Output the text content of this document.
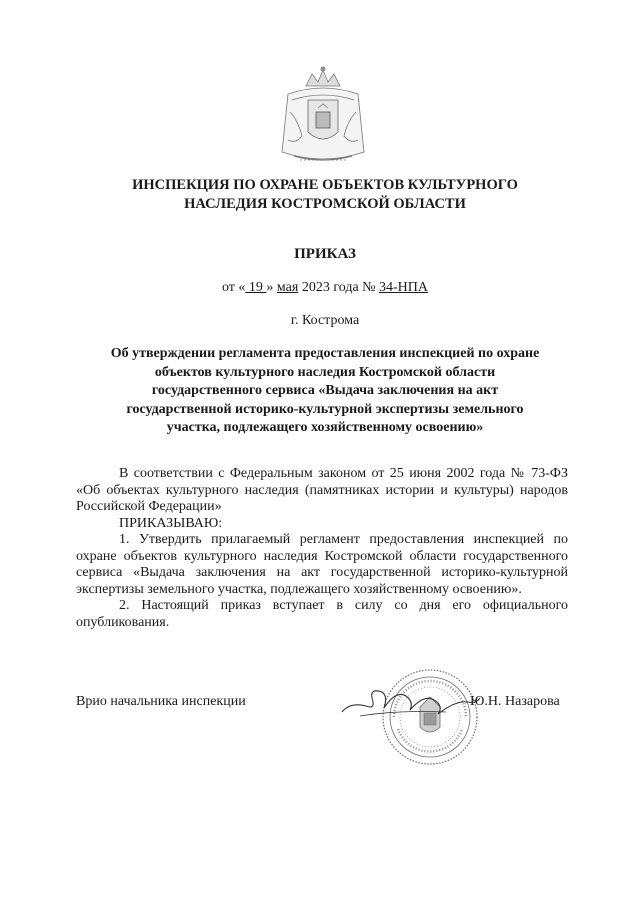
ИНСПЕКЦИЯ ПО ОХРАНЕ ОБЪЕКТОВ КУЛЬТУРНОГО
НАСЛЕДИЯ КОСТРОМСКОЙ ОБЛАСТИ
ПРИКАЗ
от « 19 » мая 2023 года № 34-НПА
г. Кострома
Об утверждении регламента предоставления инспекцией по охране
объектов культурного наследия Костромской области
государственного сервиса «Выдача заключения на акт
государственной историко-культурной экспертизы земельного
участка, подлежащего хозяйственному освоению»

В соответствии с Федеральным законом от 25 июня 2002 года № 73-ФЗ «Об объектах культурного наследия (памятниках истории и культуры) народов Российской Федерации»

ПРИКАЗЫВАЮ:

1. Утвердить прилагаемый регламент предоставления инспекцией по охране объектов культурного наследия Костромской области государственного сервиса «Выдача заключения на акт государственной историко-культурной экспертизы земельного участка, подлежащего хозяйственному освоению».

2. Настоящий приказ вступает в силу со дня его официального опубликования.

Врио начальника инспекции	Ю.Н. Назарова
